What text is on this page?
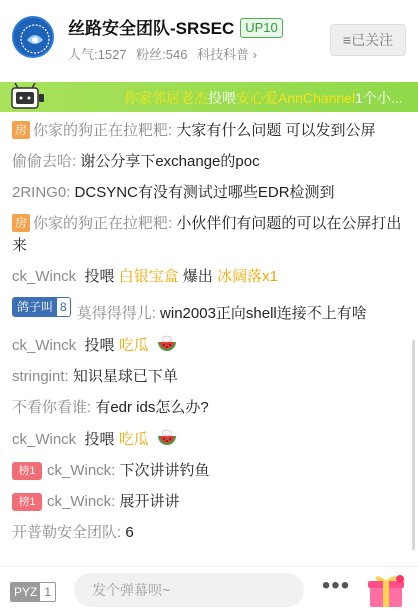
丝路安全团队-SRSEC UP10
人气:1527 粉丝:546 科技科普 ›
≡已关注
你家邻居老杰投喂安心爱AnnChannel1个小...
房 你家的狗正在拉粑粑: 大家有什么问题 可以发到公屏
偷偷去哈: 谢公分享下exchange的poc
2RING0: DCSYNC有没有测试过哪些EDR检测到
房 你家的狗正在拉粑粑: 小伙伴们有问题的可以在公屏打出来
ck_Winck 投喂 白银宝盒 爆出 冰阔落x1
鸽子叫 8 莫得得得儿: win2003正向shell连接不上有啥
ck_Winck 投喂 吃瓜
stringint: 知识星球已下单
不看你看谁: 有edr ids怎么办?
ck_Winck 投喂 吃瓜
榜1 ck_Winck: 下次讲讲钓鱼
榜1 ck_Winck: 展开讲讲
开普勒安全团队: 6
PYZ 1
发个弹幕呗~	•••
